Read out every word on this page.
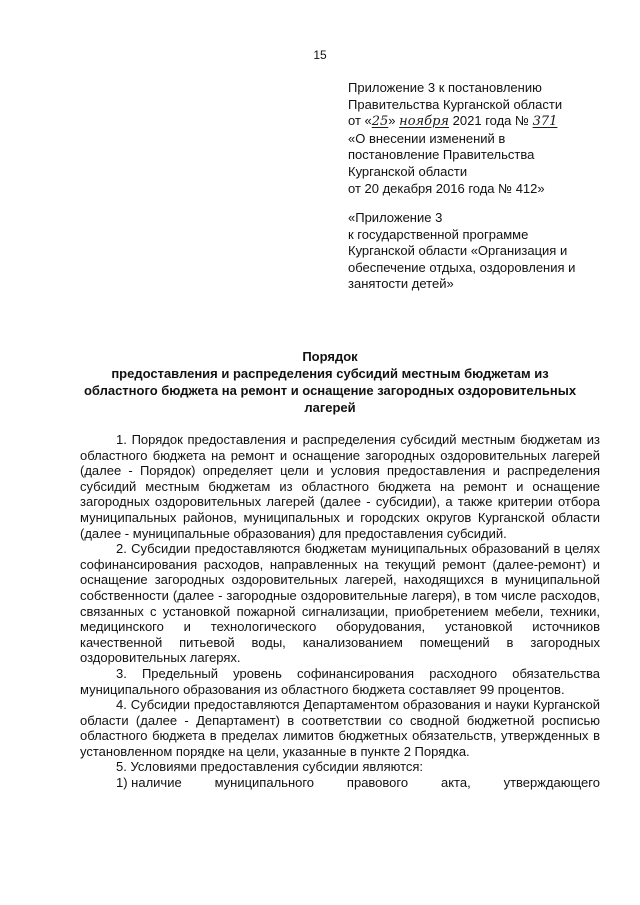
15
Приложение 3 к постановлению
Правительства Курганской области
от «25» ноября 2021 года № 371
«О внесении изменений в
постановление Правительства
Курганской области
от 20 декабря 2016 года № 412»
«Приложение 3
к государственной программе
Курганской области «Организация и
обеспечение отдыха, оздоровления и
занятости детей»
Порядок
предоставления и распределения субсидий местным бюджетам из
областного бюджета на ремонт и оснащение загородных оздоровительных
лагерей

1. Порядок предоставления и распределения субсидий местным бюджетам из областного бюджета на ремонт и оснащение загородных оздоровительных лагерей (далее - Порядок) определяет цели и условия предоставления и распределения субсидий местным бюджетам из областного бюджета на ремонт и оснащение загородных оздоровительных лагерей (далее - субсидии), а также критерии отбора муниципальных районов, муниципальных и городских округов Курганской области (далее - муниципальные образования) для предоставления субсидий.

2. Субсидии предоставляются бюджетам муниципальных образований в целях софинансирования расходов, направленных на текущий ремонт (далее-ремонт) и оснащение загородных оздоровительных лагерей, находящихся в муниципальной собственности (далее - загородные оздоровительные лагеря), в том числе расходов, связанных с установкой пожарной сигнализации, приобретением мебели, техники, медицинского и технологического оборудования, установкой источников качественной питьевой воды, канализованием помещений в загородных оздоровительных лагерях.

3. Предельный уровень софинансирования расходного обязательства муниципального образования из областного бюджета составляет 99 процентов.

4. Субсидии предоставляются Департаментом образования и науки Курганской области (далее - Департамент) в соответствии со сводной бюджетной росписью областного бюджета в пределах лимитов бюджетных обязательств, утвержденных в установленном порядке на цели, указанные в пункте 2 Порядка.

5. Условиями предоставления субсидии являются:

1) наличие	муниципального	правового	акта,	утверждающего
